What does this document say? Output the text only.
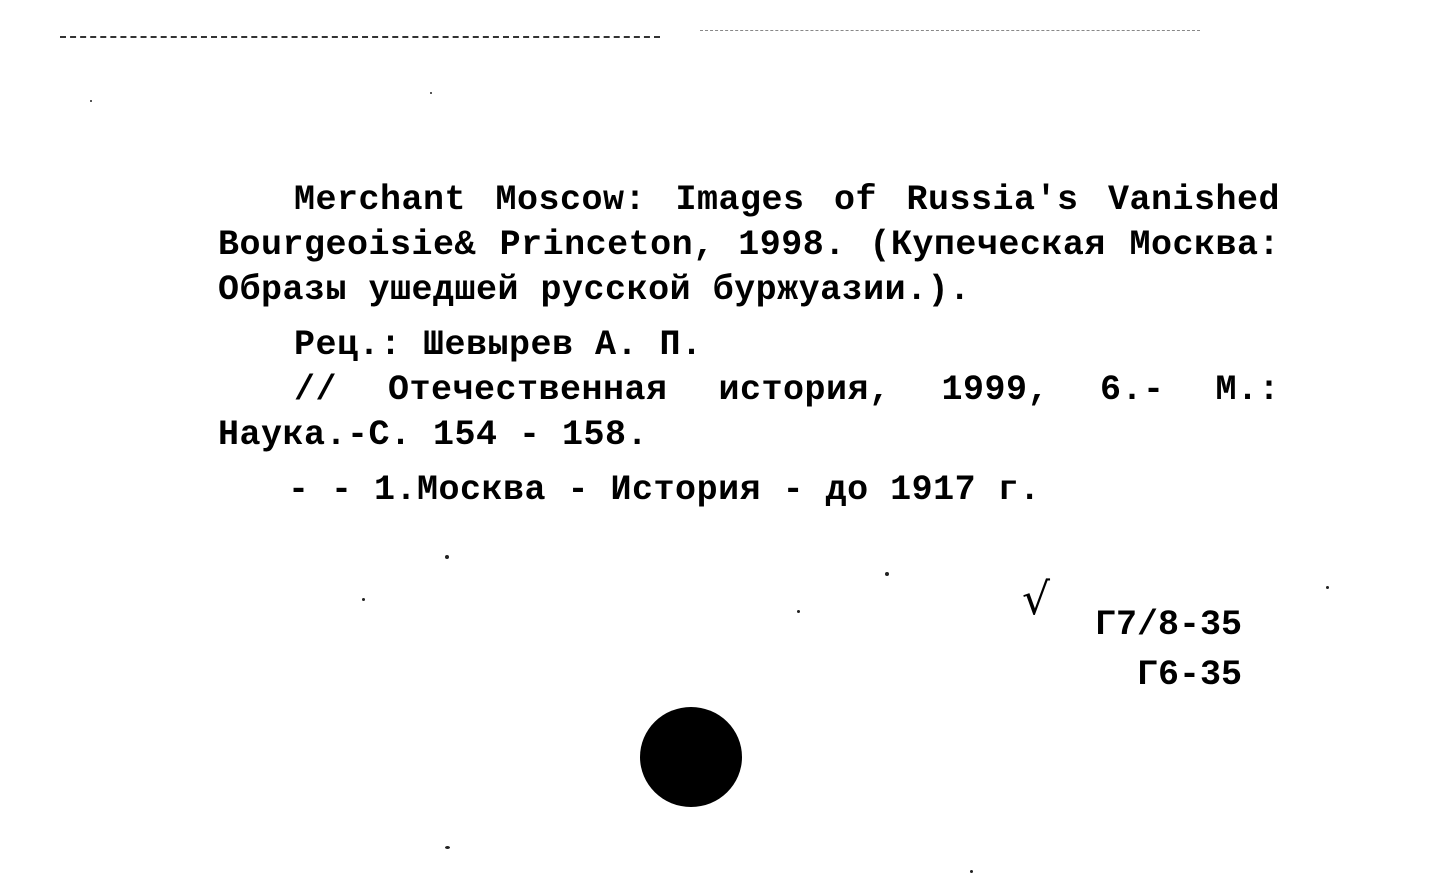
Merchant Moscow: Images of Russia's Vanished Bourgeoisie& Princeton, 1998. (Купеческая Москва: Образы ушедшей русской буржуазии.).

Рец.: Шевырев А. П.

// Отечественная история, 1999, 6.- М.: Наука.-С. 154 - 158.

- - 1.Москва - История - до 1917 г.

√ Г7/8-35
Г6-35
